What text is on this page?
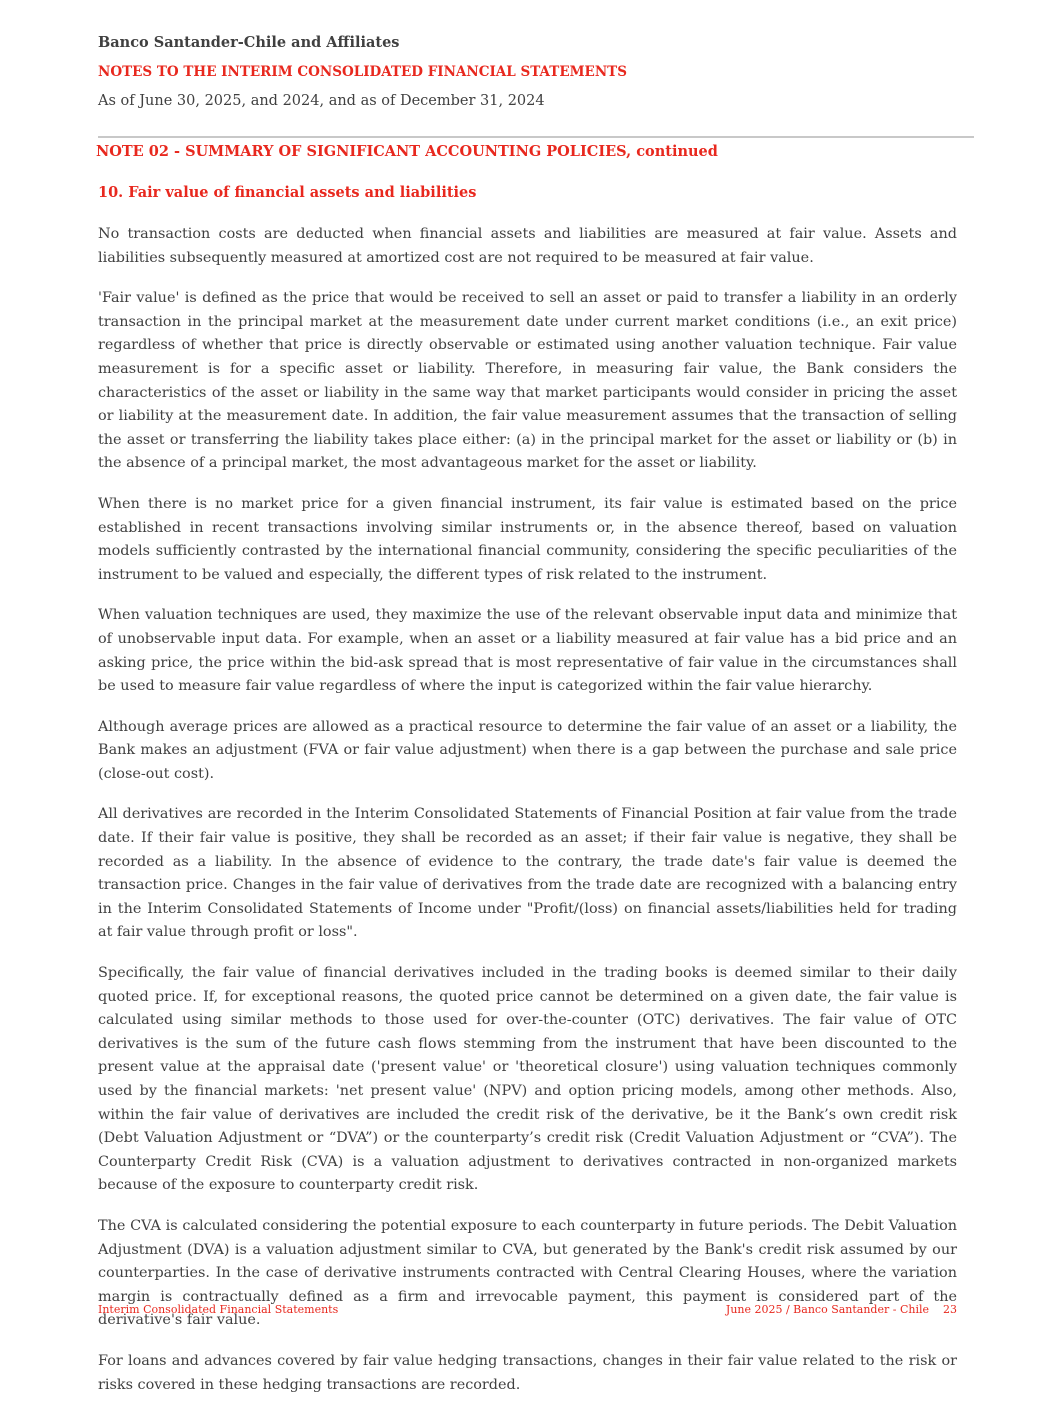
Banco Santander-Chile and Affiliates
NOTES TO THE INTERIM CONSOLIDATED FINANCIAL STATEMENTS
As of June 30, 2025, and 2024, and as of December 31, 2024
NOTE 02 - SUMMARY OF SIGNIFICANT ACCOUNTING POLICIES, continued
10. Fair value of financial assets and liabilities

No transaction costs are deducted when financial assets and liabilities are measured at fair value. Assets and liabilities subsequently measured at amortized cost are not required to be measured at fair value.

'Fair value' is defined as the price that would be received to sell an asset or paid to transfer a liability in an orderly transaction in the principal market at the measurement date under current market conditions (i.e., an exit price) regardless of whether that price is directly observable or estimated using another valuation technique. Fair value measurement is for a specific asset or liability. Therefore, in measuring fair value, the Bank considers the characteristics of the asset or liability in the same way that market participants would consider in pricing the asset or liability at the measurement date. In addition, the fair value measurement assumes that the transaction of selling the asset or transferring the liability takes place either: (a) in the principal market for the asset or liability or (b) in the absence of a principal market, the most advantageous market for the asset or liability.

When there is no market price for a given financial instrument, its fair value is estimated based on the price established in recent transactions involving similar instruments or, in the absence thereof, based on valuation models sufficiently contrasted by the international financial community, considering the specific peculiarities of the instrument to be valued and especially, the different types of risk related to the instrument.

When valuation techniques are used, they maximize the use of the relevant observable input data and minimize that of unobservable input data. For example, when an asset or a liability measured at fair value has a bid price and an asking price, the price within the bid-ask spread that is most representative of fair value in the circumstances shall be used to measure fair value regardless of where the input is categorized within the fair value hierarchy.

Although average prices are allowed as a practical resource to determine the fair value of an asset or a liability, the Bank makes an adjustment (FVA or fair value adjustment) when there is a gap between the purchase and sale price (close-out cost).

All derivatives are recorded in the Interim Consolidated Statements of Financial Position at fair value from the trade date. If their fair value is positive, they shall be recorded as an asset; if their fair value is negative, they shall be recorded as a liability. In the absence of evidence to the contrary, the trade date's fair value is deemed the transaction price. Changes in the fair value of derivatives from the trade date are recognized with a balancing entry in the Interim Consolidated Statements of Income under "Profit/(loss) on financial assets/liabilities held for trading at fair value through profit or loss".

Specifically, the fair value of financial derivatives included in the trading books is deemed similar to their daily quoted price. If, for exceptional reasons, the quoted price cannot be determined on a given date, the fair value is calculated using similar methods to those used for over-the-counter (OTC) derivatives. The fair value of OTC derivatives is the sum of the future cash flows stemming from the instrument that have been discounted to the present value at the appraisal date ('present value' or 'theoretical closure') using valuation techniques commonly used by the financial markets: 'net present value' (NPV) and option pricing models, among other methods. Also, within the fair value of derivatives are included the credit risk of the derivative, be it the Bank’s own credit risk (Debt Valuation Adjustment or “DVA”) or the counterparty’s credit risk (Credit Valuation Adjustment or “CVA”). The Counterparty Credit Risk (CVA) is a valuation adjustment to derivatives contracted in non-organized markets because of the exposure to counterparty credit risk.

The CVA is calculated considering the potential exposure to each counterparty in future periods. The Debit Valuation Adjustment (DVA) is a valuation adjustment similar to CVA, but generated by the Bank's credit risk assumed by our counterparties. In the case of derivative instruments contracted with Central Clearing Houses, where the variation margin is contractually defined as a firm and irrevocable payment, this payment is considered part of the derivative's fair value.

For loans and advances covered by fair value hedging transactions, changes in their fair value related to the risk or risks covered in these hedging transactions are recorded.

Interim Consolidated Financial Statements	June 2025 / Banco Santander - Chile 23
